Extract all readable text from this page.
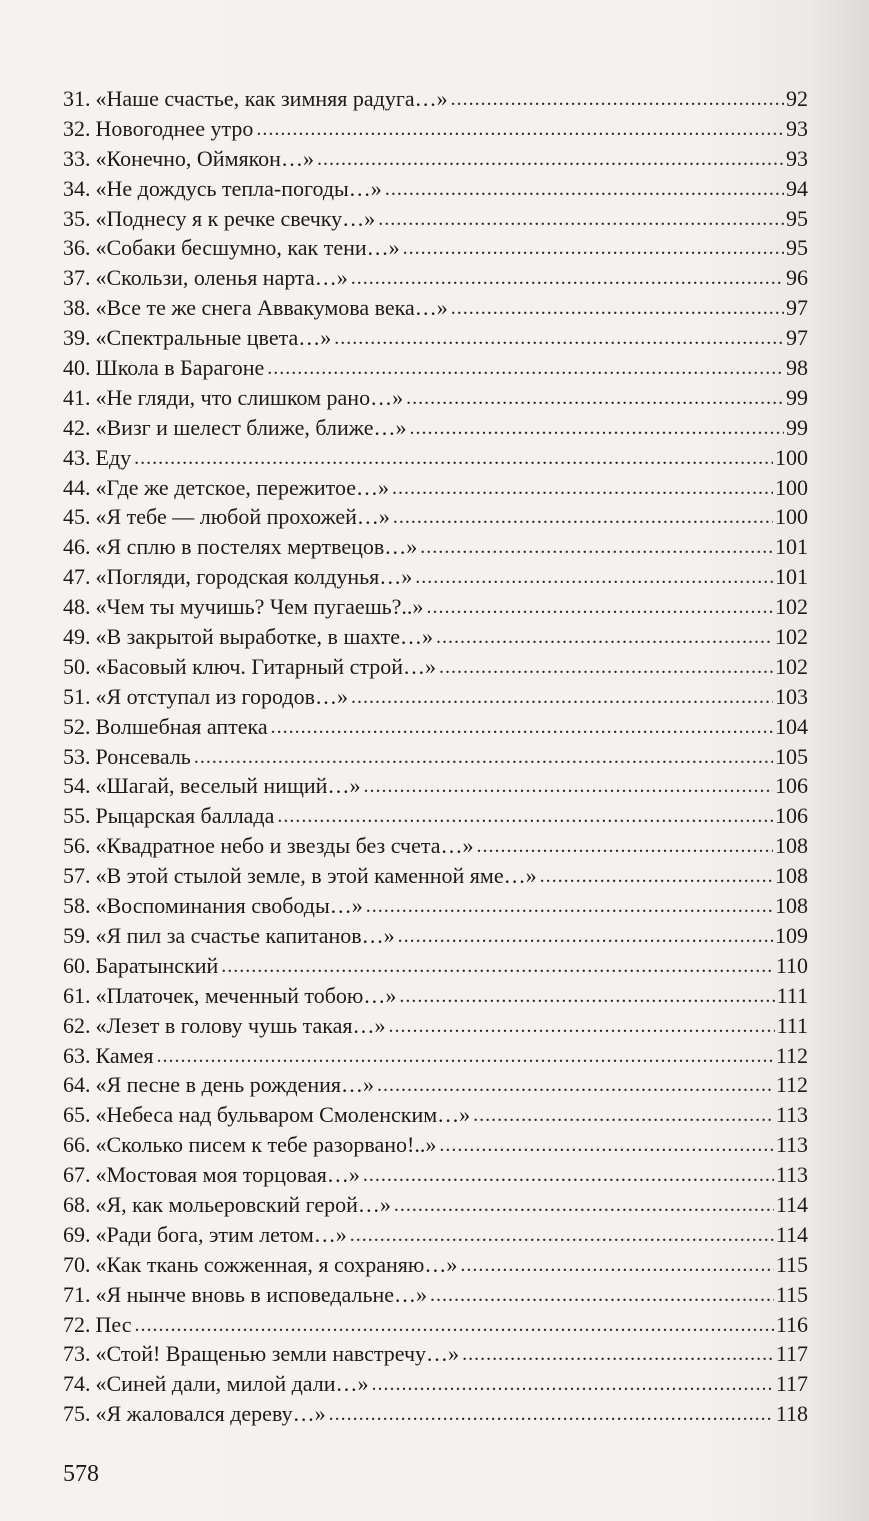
31. «Наше счастье, как зимняя радуга…» .....	92
32. Новогоднее утро .....	93
33. «Конечно, Оймякон…» .....	93
34. «Не дождусь тепла-погоды…» .....	94
35. «Поднесу я к речке свечку…» .....	95
36. «Собаки бесшумно, как тени…» .....	95
37. «Скользи, оленья нарта…» .....	96
38. «Все те же снега Аввакумова века…» .....	97
39. «Спектральные цвета…» .....	97
40. Школа в Барагоне .....	98
41. «Не гляди, что слишком рано…» .....	99
42. «Визг и шелест ближе, ближе…» .....	99
43. Еду .....	100
44. «Где же детское, пережитое…» .....	100
45. «Я тебе — любой прохожей…» .....	100
46. «Я сплю в постелях мертвецов…» .....	101
47. «Погляди, городская колдунья…» .....	101
48. «Чем ты мучишь? Чем пугаешь?..» .....	102
49. «В закрытой выработке, в шахте…» .....	102
50. «Басовый ключ. Гитарный строй…» .....	102
51. «Я отступал из городов…» .....	103
52. Волшебная аптека .....	104
53. Ронсеваль .....	105
54. «Шагай, веселый нищий…» .....	106
55. Рыцарская баллада .....	106
56. «Квадратное небо и звезды без счета…» .....	108
57. «В этой стылой земле, в этой каменной яме…» .....	108
58. «Воспоминания свободы…» .....	108
59. «Я пил за счастье капитанов…» .....	109
60. Баратынский .....	110
61. «Платочек, меченный тобою…» .....	111
62. «Лезет в голову чушь такая…» .....	111
63. Камея .....	112
64. «Я песне в день рождения…» .....	112
65. «Небеса над бульваром Смоленским…» .....	113
66. «Сколько писем к тебе разорвано!..» .....	113
67. «Мостовая моя торцовая…» .....	113
68. «Я, как мольеровский герой…» .....	114
69. «Ради бога, этим летом…» .....	114
70. «Как ткань сожженная, я сохраняю…» .....	115
71. «Я нынче вновь в исповедальне…» .....	115
72. Пес .....	116
73. «Стой! Вращенью земли навстречу…» .....	117
74. «Синей дали, милой дали…» .....	117
75. «Я жаловался дереву…» .....	118
578
